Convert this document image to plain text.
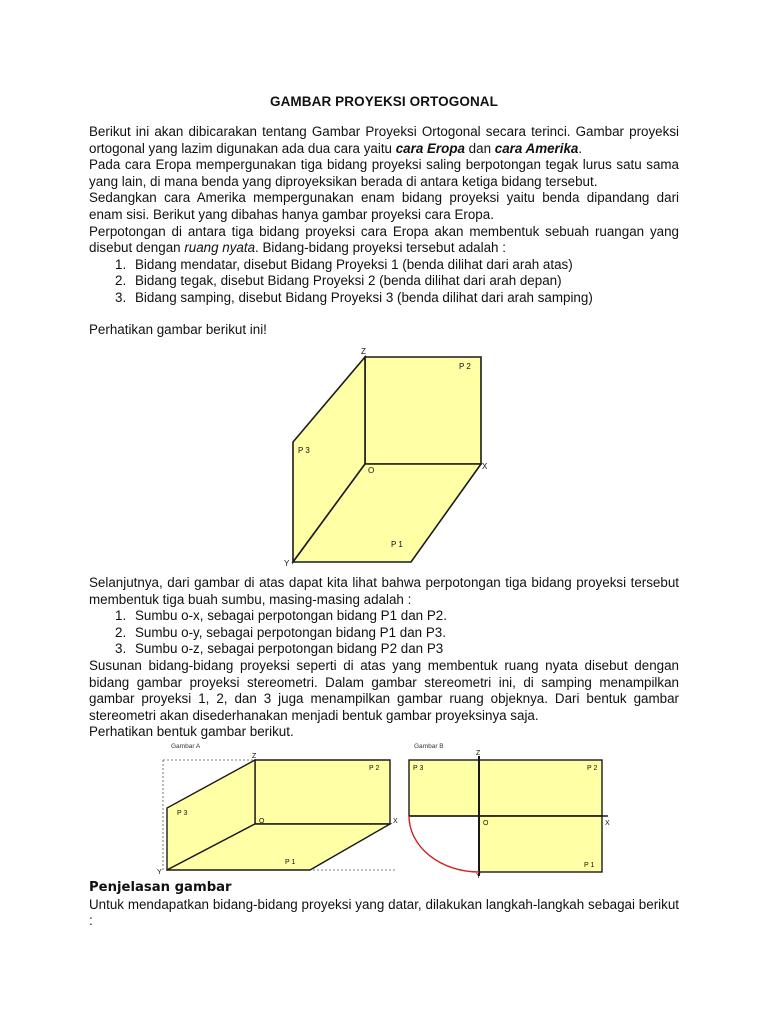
GAMBAR PROYEKSI ORTOGONAL

Berikut ini akan dibicarakan tentang Gambar Proyeksi Ortogonal secara terinci. Gambar proyeksi ortogonal yang lazim digunakan ada dua cara yaitu cara Eropa dan cara Amerika.

Pada cara Eropa mempergunakan tiga bidang proyeksi saling berpotongan tegak lurus satu sama yang lain, di mana benda yang diproyeksikan berada di antara ketiga bidang tersebut.

Sedangkan cara Amerika mempergunakan enam bidang proyeksi yaitu benda dipandang dari enam sisi. Berikut yang dibahas hanya gambar proyeksi cara Eropa.

Perpotongan di antara tiga bidang proyeksi cara Eropa akan membentuk sebuah ruangan yang disebut dengan ruang nyata. Bidang-bidang proyeksi tersebut adalah :

1. Bidang mendatar, disebut Bidang Proyeksi 1 (benda dilihat dari arah atas)
2. Bidang tegak, disebut Bidang Proyeksi 2 (benda dilihat dari arah depan)
3. Bidang samping, disebut Bidang Proyeksi 3 (benda dilihat dari arah samping)

Perhatikan gambar berikut ini!

Z
P 2
P 3
O	X
P 1
Y

Selanjutnya, dari gambar di atas dapat kita lihat bahwa perpotongan tiga bidang proyeksi tersebut membentuk tiga buah sumbu, masing-masing adalah :

1. Sumbu o-x, sebagai perpotongan bidang P1 dan P2.
2. Sumbu o-y, sebagai perpotongan bidang P1 dan P3.
3. Sumbu o-z, sebagai perpotongan bidang P2 dan P3

Susunan bidang-bidang proyeksi seperti di atas yang membentuk ruang nyata disebut dengan bidang gambar proyeksi stereometri. Dalam gambar stereometri ini, di samping menampilkan gambar proyeksi 1, 2, dan 3 juga menampilkan gambar ruang objeknya. Dari bentuk gambar stereometri akan disederhanakan menjadi bentuk gambar proyeksinya saja.

Perhatikan bentuk gambar berikut.

Gambar A
Z
P 2
P 3
O	X
P 1
Y
Gambar B
Z
P 3	P 2
O	X
P 1
Y

Penjelasan gambar

Untuk mendapatkan bidang-bidang proyeksi yang datar, dilakukan langkah-langkah sebagai berikut :
